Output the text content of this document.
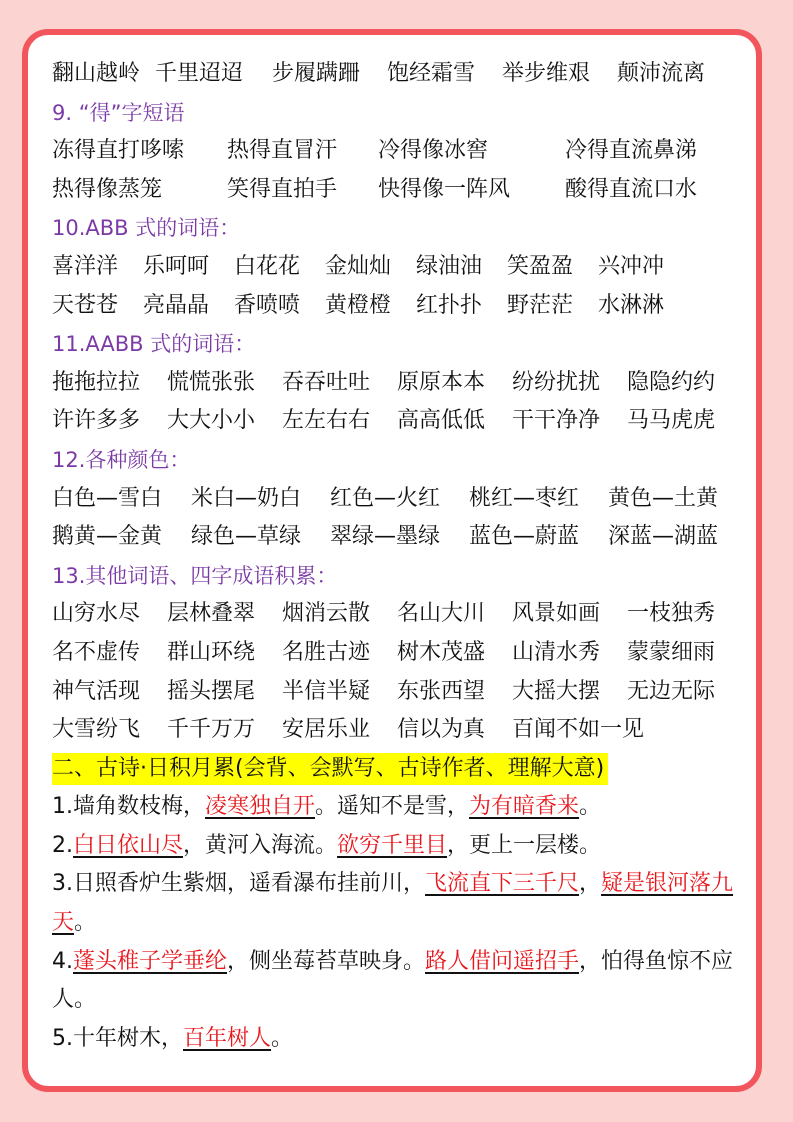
翻山越岭 千里迢迢 步履蹒跚 饱经霜雪 举步维艰 颠沛流离
9. “得”字短语
冻得直打哆嗦 热得直冒汗 冷得像冰窖	冷得直流鼻涕
热得像蒸笼	笑得直拍手 快得像一阵风 酸得直流口水
10.ABB 式的词语：
喜洋洋 乐呵呵 白花花 金灿灿 绿油油 笑盈盈 兴冲冲
天苍苍 亮晶晶 香喷喷 黄橙橙 红扑扑 野茫茫 水淋淋
11.AABB 式的词语：
拖拖拉拉 慌慌张张 吞吞吐吐 原原本本 纷纷扰扰 隐隐约约
许许多多 大大小小 左左右右 高高低低 干干净净 马马虎虎
12.各种颜色：
白色—雪白 米白—奶白 红色—火红 桃红—枣红 黄色—土黄
鹅黄—金黄 绿色—草绿 翠绿—墨绿 蓝色—蔚蓝 深蓝—湖蓝
13.其他词语、四字成语积累：
山穷水尽 层林叠翠 烟消云散 名山大川 风景如画 一枝独秀
名不虚传 群山环绕 名胜古迹 树木茂盛 山清水秀 蒙蒙细雨
神气活现 摇头摆尾 半信半疑 东张西望 大摇大摆 无边无际
大雪纷飞 千千万万 安居乐业 信以为真 百闻不如一见
二、古诗·日积月累(会背、会默写、古诗作者、理解大意)
1.墙角数枝梅，凌寒独自开。遥知不是雪，为有暗香来。
2.白日依山尽，黄河入海流。欲穷千里目，更上一层楼。
3.日照香炉生紫烟，遥看瀑布挂前川，飞流直下三千尺，疑是银河落九天。
4.蓬头稚子学垂纶，侧坐莓苔草映身。路人借问遥招手，怕得鱼惊不应人。
5.十年树木，百年树人。
